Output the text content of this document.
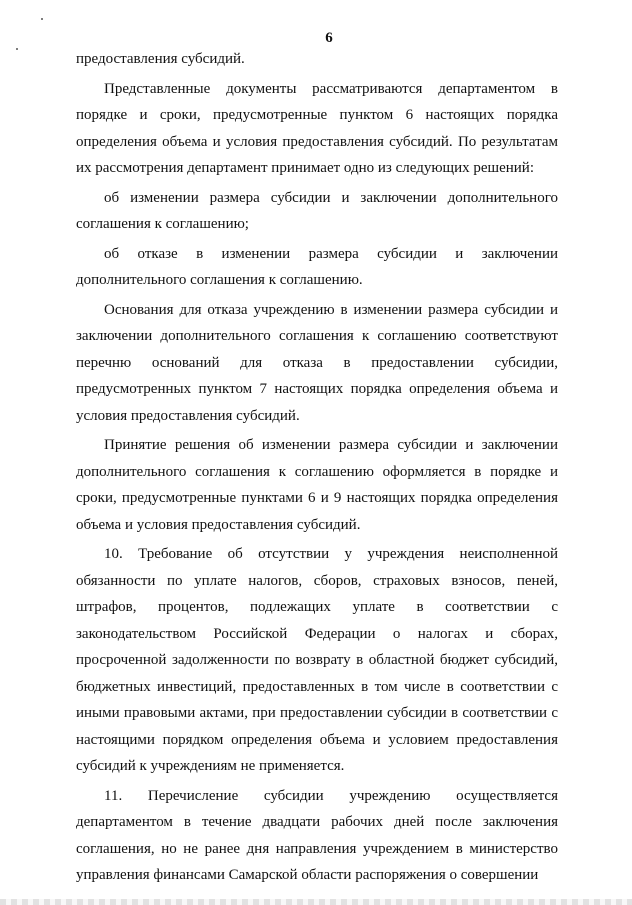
6

предоставления субсидий.

Представленные документы рассматриваются департаментом в порядке и сроки, предусмотренные пунктом 6 настоящих порядка определения объема и условия предоставления субсидий. По результатам их рассмотрения департамент принимает одно из следующих решений:

об изменении размера субсидии и заключении дополнительного соглашения к соглашению;

об отказе в изменении размера субсидии и заключении дополнительного соглашения к соглашению.

Основания для отказа учреждению в изменении размера субсидии и заключении дополнительного соглашения к соглашению соответствуют перечню оснований для отказа в предоставлении субсидии, предусмотренных пунктом 7 настоящих порядка определения объема и условия предоставления субсидий.

Принятие решения об изменении размера субсидии и заключении дополнительного соглашения к соглашению оформляется в порядке и сроки, предусмотренные пунктами 6 и 9 настоящих порядка определения объема и условия предоставления субсидий.

10. Требование об отсутствии у учреждения неисполненной обязанности по уплате налогов, сборов, страховых взносов, пеней, штрафов, процентов, подлежащих уплате в соответствии с законодательством Российской Федерации о налогах и сборах, просроченной задолженности по возврату в областной бюджет субсидий, бюджетных инвестиций, предоставленных в том числе в соответствии с иными правовыми актами, при предоставлении субсидии в соответствии с настоящими порядком определения объема и условием предоставления субсидий к учреждениям не применяется.

11. Перечисление субсидии учреждению осуществляется департаментом в течение двадцати рабочих дней после заключения соглашения, но не ранее дня направления учреждением в министерство управления финансами Самарской области распоряжения о совершении
